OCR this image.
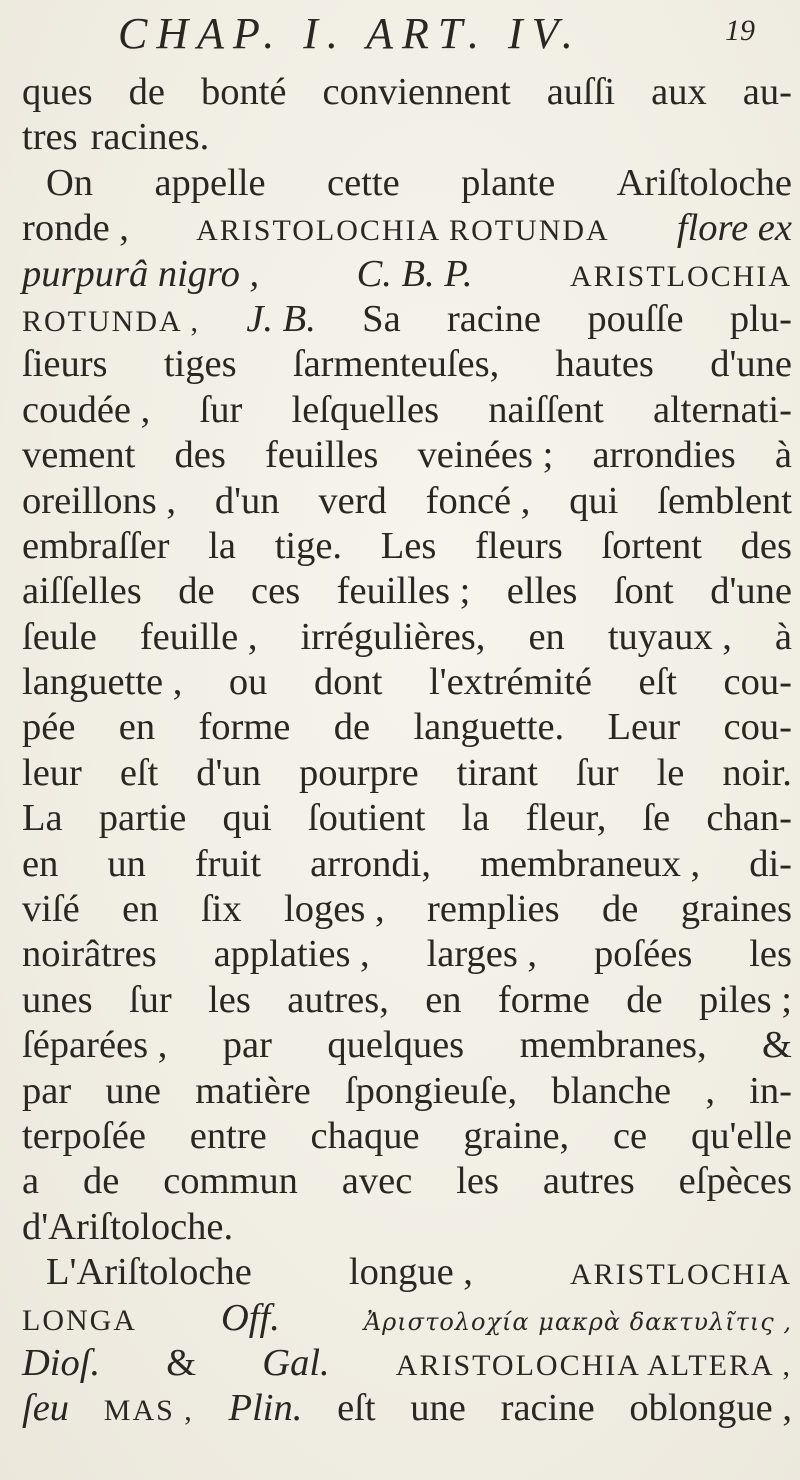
CHAP. I. ART. IV.	19
ques de bonté conviennent auſſi aux au-
tres racines.
On appelle cette plante Ariſtoloche
ronde , ARISTOLOCHIA ROTUNDA flore ex
purpurâ nigro ,	C. B. P.	ARISTLOCHIA
ROTUNDA , J. B. Sa racine pouſſe plu-
ſieurs tiges ſarmenteuſes, hautes d'une
coudée , ſur leſquelles naiſſent alternati-
vement des feuilles veinées ; arrondies à
oreillons , d'un verd foncé , qui ſemblent
embraſſer la tige. Les fleurs ſortent des
aiſſelles de ces feuilles ; elles ſont d'une
ſeule feuille , irrégulières, en tuyaux , à
languette , ou dont l'extrémité eſt cou-
pée en forme de languette. Leur cou-
leur eſt d'un pourpre tirant ſur le noir.
La partie qui ſoutient la fleur, ſe chan-
en un fruit arrondi, membraneux , di-
viſé en ſix loges , remplies de graines
noirâtres applaties , larges , poſées les
unes ſur les autres, en forme de piles ;
ſéparées , par quelques membranes, &
par une matière ſpongieuſe, blanche , in-
terpoſée entre chaque graine, ce qu'elle
a de commun avec les autres eſpèces
d'Ariſtoloche.
L'Ariſtoloche	longue ,	ARISTLOCHIA
LONGA Off.	Ἀριστολοχία μακρὰ δακτυλῖτις ,
Dioſ. & Gal. ARISTOLOCHIA ALTERA ,
ſeu MAS , Plin. eſt une racine oblongue ,
